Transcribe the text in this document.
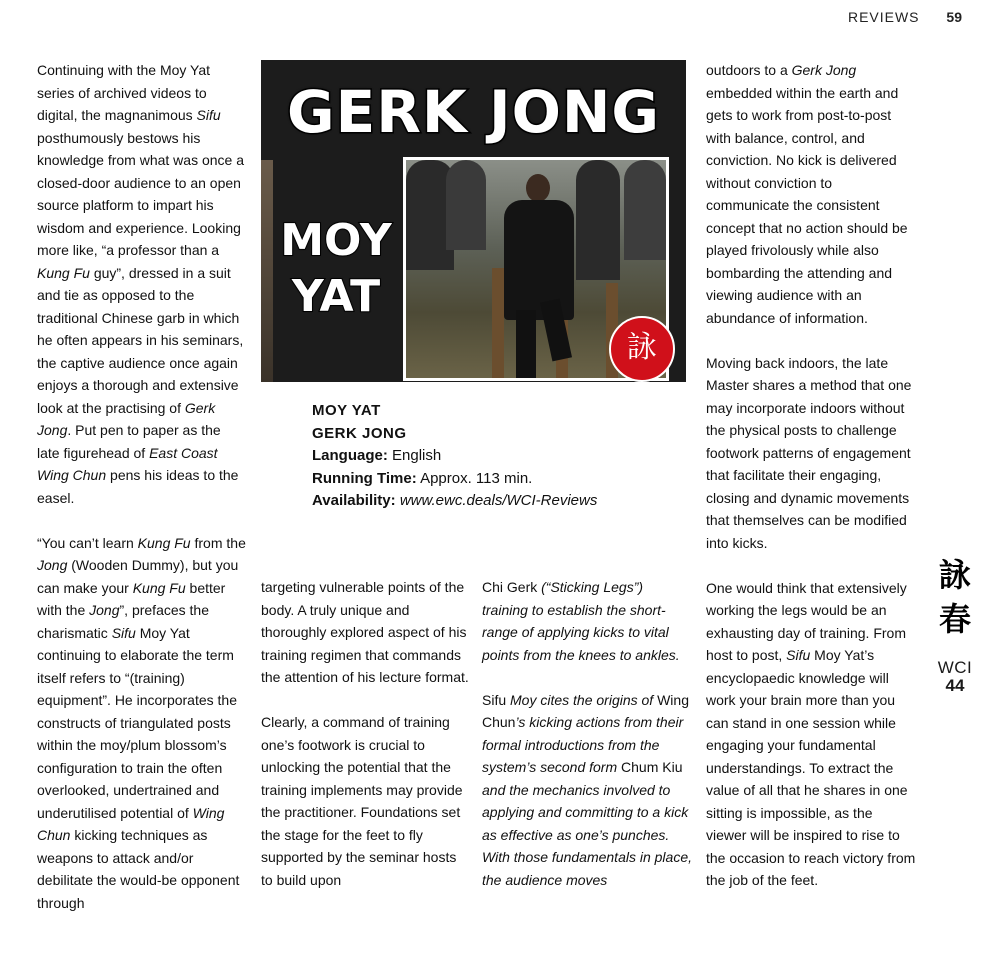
REVIEWS 59

Continuing with the Moy Yat series of archived videos to digital, the magnanimous Sifu posthumously bestows his knowledge from what was once a closed-door audience to an open source platform to impart his wisdom and experience. Looking more like, “a professor than a Kung Fu guy”, dressed in a suit and tie as opposed to the traditional Chinese garb in which he often appears in his seminars, the captive audience once again enjoys a thorough and extensive look at the practising of Gerk Jong. Put pen to paper as the late figurehead of East Coast Wing Chun pens his ideas to the easel.

“You can’t learn Kung Fu from the Jong (Wooden Dummy), but you can make your Kung Fu better with the Jong”, prefaces the charismatic Sifu Moy Yat continuing to elaborate the term itself refers to “(training) equipment”. He incorporates the constructs of triangulated posts within the moy/plum blossom’s configuration to train the often overlooked, undertrained and underutilised potential of Wing Chun kicking techniques as weapons to attack and/or debilitate the would-be opponent through

GERK JONG
MOY
YAT
詠
MOY YAT
GERK JONG
Language: English
Running Time: Approx. 113 min.
Availability: www.ewc.deals/WCI-Reviews

targeting vulnerable points of the body. A truly unique and thoroughly explored aspect of his training regimen that commands the attention of his lecture format.

Clearly, a command of training one’s footwork is crucial to unlocking the potential that the training implements may provide the practitioner. Foundations set the stage for the feet to fly supported by the seminar hosts to build upon

Chi Gerk (“Sticking Legs”) training to establish the short-range of applying kicks to vital points from the knees to ankles.

Sifu Moy cites the origins of Wing Chun’s kicking actions from their formal introductions from the system’s second form Chum Kiu and the mechanics involved to applying and committing to a kick as effective as one’s punches. With those fundamentals in place, the audience moves

outdoors to a Gerk Jong embedded within the earth and gets to work from post-to-post with balance, control, and conviction. No kick is delivered without conviction to communicate the consistent concept that no action should be played frivolously while also bombarding the attending and viewing audience with an abundance of information.

Moving back indoors, the late Master shares a method that one may incorporate indoors without the physical posts to challenge footwork patterns of engagement that facilitate their engaging, closing and dynamic movements that themselves can be modified into kicks.

One would think that extensively working the legs would be an exhausting day of training. From host to post, Sifu Moy Yat’s encyclopaedic knowledge will work your brain more than you can stand in one session while engaging your fundamental understandings. To extract the value of all that he shares in one sitting is impossible, as the viewer will be inspired to rise to the occasion to reach victory from the job of the feet.

詠
春
WCI
44
